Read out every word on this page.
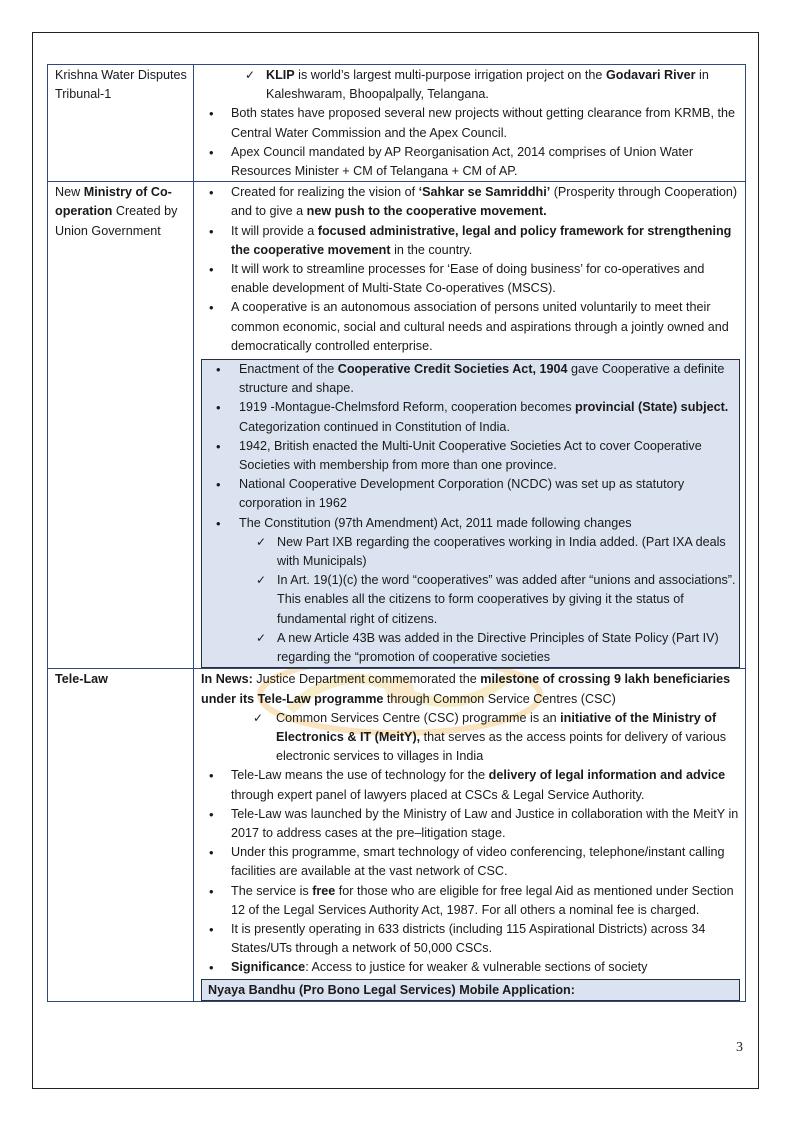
Krishna Water Disputes Tribunal-1	
✓ KLIP is world’s largest multi-purpose irrigation project on the Godavari River in Kaleshwaram, Bhoopalpally, Telangana.
• Both states have proposed several new projects without getting clearance from KRMB, the Central Water Commission and the Apex Council.
• Apex Council mandated by AP Reorganisation Act, 2014 comprises of Union Water Resources Minister + CM of Telangana + CM of AP.

New Ministry of Co-operation Created by Union Government	
• Created for realizing the vision of ‘Sahkar se Samriddhi’ (Prosperity through Cooperation) and to give a new push to the cooperative movement.
• It will provide a focused administrative, legal and policy framework for strengthening the cooperative movement in the country.
• It will work to streamline processes for ‘Ease of doing business’ for co-operatives and enable development of Multi-State Co-operatives (MSCS).
• A cooperative is an autonomous association of persons united voluntarily to meet their common economic, social and cultural needs and aspirations through a jointly owned and democratically controlled enterprise.
• Enactment of the Cooperative Credit Societies Act, 1904 gave Cooperative a definite structure and shape.
• 1919 -Montague-Chelmsford Reform, cooperation becomes provincial (State) subject. Categorization continued in Constitution of India.
• 1942, British enacted the Multi-Unit Cooperative Societies Act to cover Cooperative Societies with membership from more than one province.
• National Cooperative Development Corporation (NCDC) was set up as statutory corporation in 1962
• The Constitution (97th Amendment) Act, 2011 made following changes
✓ New Part IXB regarding the cooperatives working in India added. (Part IXA deals with Municipals)
✓ In Art. 19(1)(c) the word “cooperatives” was added after “unions and associations”. This enables all the citizens to form cooperatives by giving it the status of fundamental right of citizens.
✓ A new Article 43B was added in the Directive Principles of State Policy (Part IV) regarding the “promotion of cooperative societies

Tele-Law	In News: Justice Department commemorated the milestone of crossing 9 lakh beneficiaries under its Tele-Law programme through Common Service Centres (CSC)
✓ Common Services Centre (CSC) programme is an initiative of the Ministry of Electronics & IT (MeitY), that serves as the access points for delivery of various electronic services to villages in India
• Tele-Law means the use of technology for the delivery of legal information and advice through expert panel of lawyers placed at CSCs & Legal Service Authority.
• Tele-Law was launched by the Ministry of Law and Justice in collaboration with the MeitY in 2017 to address cases at the pre–litigation stage.
• Under this programme, smart technology of video conferencing, telephone/instant calling facilities are available at the vast network of CSC.
• The service is free for those who are eligible for free legal Aid as mentioned under Section 12 of the Legal Services Authority Act, 1987. For all others a nominal fee is charged.
• It is presently operating in 633 districts (including 115 Aspirational Districts) across 34 States/UTs through a network of 50,000 CSCs.
• Significance: Access to justice for weaker & vulnerable sections of society
Nyaya Bandhu (Pro Bono Legal Services) Mobile Application:
3
